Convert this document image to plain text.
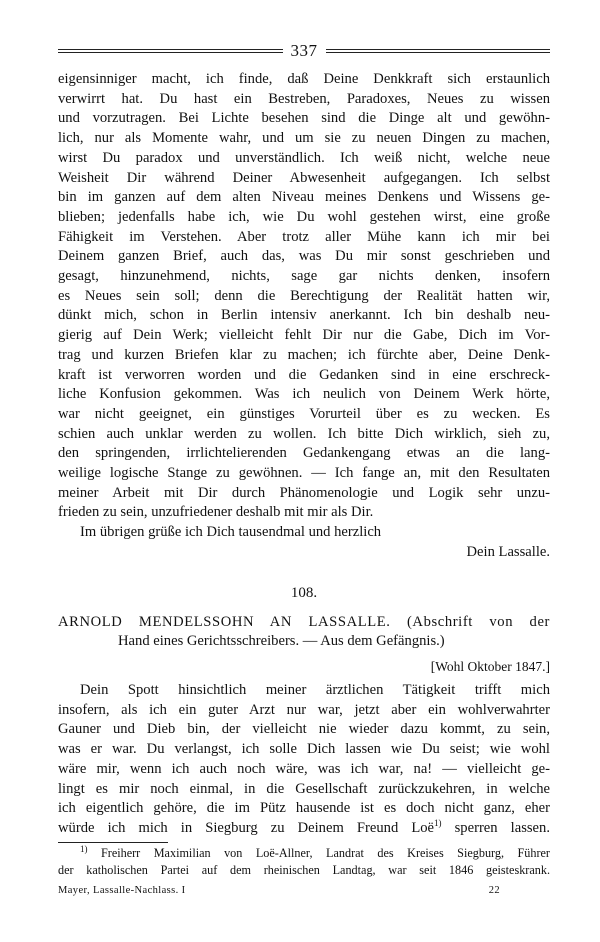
337
eigensinniger macht, ich finde, daß Deine Denkkraft sich erstaunlich
verwirrt hat. Du hast ein Bestreben, Paradoxes, Neues zu wissen
und vorzutragen. Bei Lichte besehen sind die Dinge alt und gewöhn-
lich, nur als Momente wahr, und um sie zu neuen Dingen zu machen,
wirst Du paradox und unverständlich. Ich weiß nicht, welche neue
Weisheit Dir während Deiner Abwesenheit aufgegangen. Ich selbst
bin im ganzen auf dem alten Niveau meines Denkens und Wissens ge-
blieben; jedenfalls habe ich, wie Du wohl gestehen wirst, eine große
Fähigkeit im Verstehen. Aber trotz aller Mühe kann ich mir bei
Deinem ganzen Brief, auch das, was Du mir sonst geschrieben und
gesagt, hinzunehmend, nichts, sage gar nichts denken, insofern
es Neues sein soll; denn die Berechtigung der Realität hatten wir,
dünkt mich, schon in Berlin intensiv anerkannt. Ich bin deshalb neu-
gierig auf Dein Werk; vielleicht fehlt Dir nur die Gabe, Dich im Vor-
trag und kurzen Briefen klar zu machen; ich fürchte aber, Deine Denk-
kraft ist verworren worden und die Gedanken sind in eine erschreck-
liche Konfusion gekommen. Was ich neulich von Deinem Werk hörte,
war nicht geeignet, ein günstiges Vorurteil über es zu wecken. Es
schien auch unklar werden zu wollen. Ich bitte Dich wirklich, sieh zu,
den springenden, irrlichtelierenden Gedankengang etwas an die lang-
weilige logische Stange zu gewöhnen. — Ich fange an, mit den Resultaten
meiner Arbeit mit Dir durch Phänomenologie und Logik sehr unzu-
frieden zu sein, unzufriedener deshalb mit mir als Dir.
Im übrigen grüße ich Dich tausendmal und herzlich
Dein Lassalle.
108.
ARNOLD MENDELSSOHN AN LASSALLE. (Abschrift von der
Hand eines Gerichtsschreibers. — Aus dem Gefängnis.)
[Wohl Oktober 1847.]
Dein Spott hinsichtlich meiner ärztlichen Tätigkeit trifft mich
insofern, als ich ein guter Arzt nur war, jetzt aber ein wohlverwahrter
Gauner und Dieb bin, der vielleicht nie wieder dazu kommt, zu sein,
was er war. Du verlangst, ich solle Dich lassen wie Du seist; wie wohl
wäre mir, wenn ich auch noch wäre, was ich war, na! — vielleicht ge-
lingt es mir noch einmal, in die Gesellschaft zurückzukehren, in welche
ich eigentlich gehöre, die im Pütz hausende ist es doch nicht ganz, eher
würde ich mich in Siegburg zu Deinem Freund Loë$^{1)}$ sperren lassen.
$^{1)}$ Freiherr Maximilian von Loë-Allner, Landrat des Kreises Siegburg, Führer
der katholischen Partei auf dem rheinischen Landtag, war seit 1846 geisteskrank.
Mayer, Lassalle-Nachlass. I	22
